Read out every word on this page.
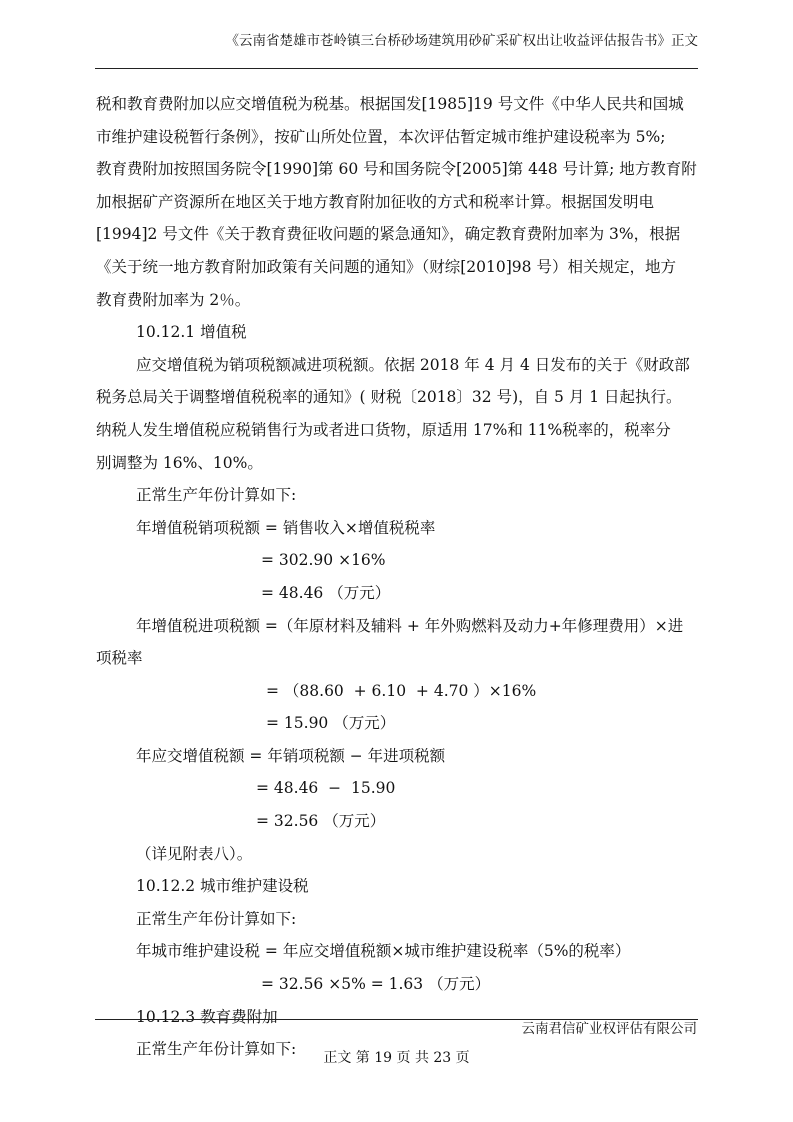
《云南省楚雄市苍岭镇三台桥砂场建筑用砂矿采矿权出让收益评估报告书》正文
税和教育费附加以应交增值税为税基。根据国发[1985]19 号文件《中华人民共和国城
市维护建设税暂行条例》，按矿山所处位置，本次评估暂定城市维护建设税率为 5%;
教育费附加按照国务院令[1990]第 60 号和国务院令[2005]第 448 号计算; 地方教育附
加根据矿产资源所在地区关于地方教育附加征收的方式和税率计算。根据国发明电
[1994]2 号文件《关于教育费征收问题的紧急通知》，确定教育费附加率为 3%，根据
《关于统一地方教育附加政策有关问题的通知》（财综[2010]98 号）相关规定，地方
教育费附加率为 2％。
10.12.1 增值税
应交增值税为销项税额减进项税额。依据 2018 年 4 月 4 日发布的关于《财政部
税务总局关于调整增值税税率的通知》( 财税〔2018〕32 号)，自 5 月 1 日起执行。
纳税人发生增值税应税销售行为或者进口货物，原适用 17%和 11%税率的，税率分
别调整为 16%、10%。
正常生产年份计算如下:
年增值税销项税额 = 销售收入×增值税税率
= 302.90 ×16%
= 48.46 （万元）
年增值税进项税额 =（年原材料及辅料 + 年外购燃料及动力+年修理费用）×进
项税率
= （88.60  + 6.10  + 4.70 ）×16%
= 15.90 （万元）
年应交增值税额 = 年销项税额 − 年进项税额
= 48.46  −  15.90
= 32.56 （万元）
（详见附表八）。
10.12.2 城市维护建设税
正常生产年份计算如下:
年城市维护建设税 = 年应交增值税额×城市维护建设税率（5%的税率）
= 32.56 ×5% = 1.63 （万元）
10.12.3 教育费附加
正常生产年份计算如下:
云南君信矿业权评估有限公司
正文 第 19 页 共 23 页
